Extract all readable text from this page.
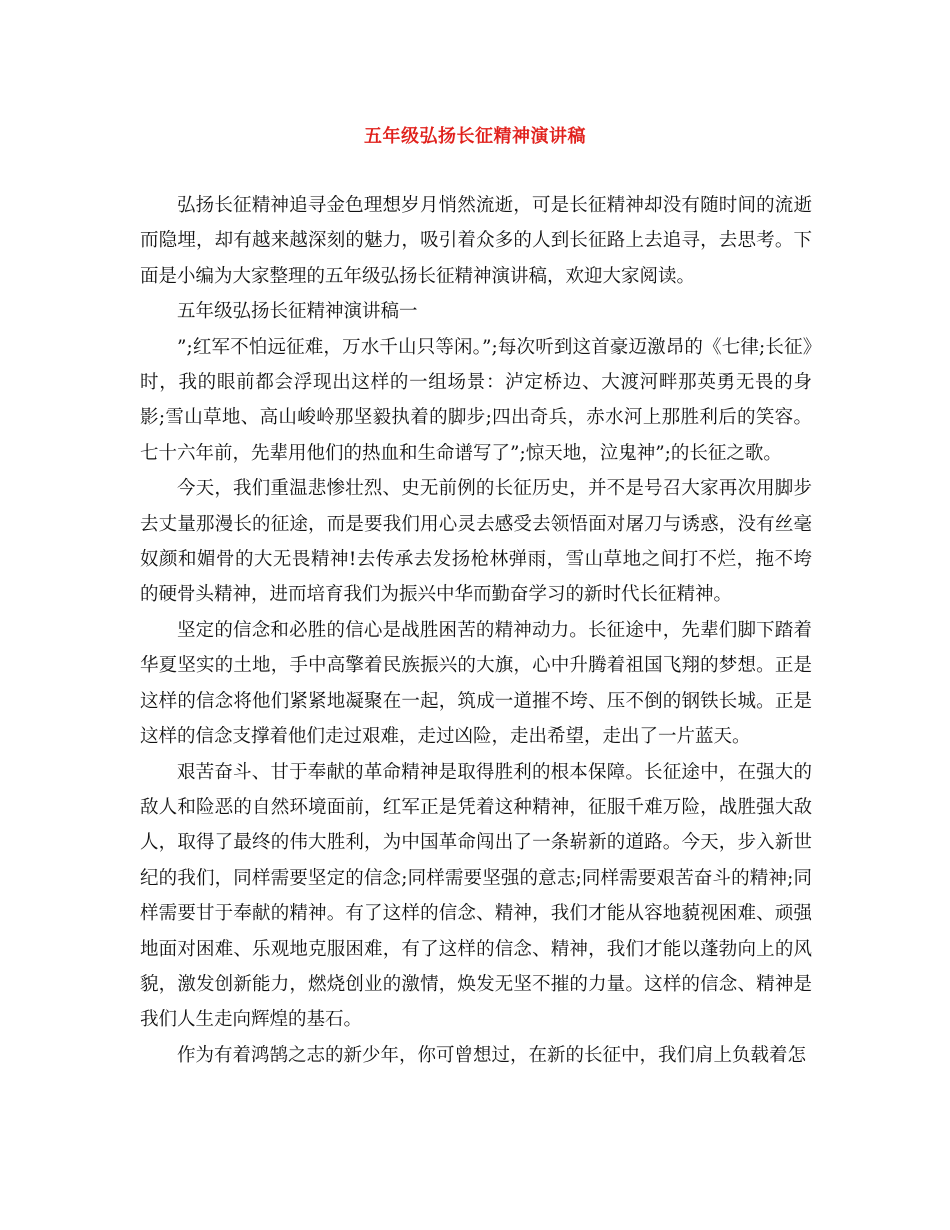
五年级弘扬长征精神演讲稿

弘扬长征精神追寻金色理想岁月悄然流逝，可是长征精神却没有随时间的流逝而隐埋，却有越来越深刻的魅力，吸引着众多的人到长征路上去追寻，去思考。下面是小编为大家整理的五年级弘扬长征精神演讲稿，欢迎大家阅读。

五年级弘扬长征精神演讲稿一

”;红军不怕远征难，万水千山只等闲。”;每次听到这首豪迈激昂的《七律;长征》时，我的眼前都会浮现出这样的一组场景：泸定桥边、大渡河畔那英勇无畏的身影;雪山草地、高山峻岭那坚毅执着的脚步;四出奇兵，赤水河上那胜利后的笑容。七十六年前，先辈用他们的热血和生命谱写了”;惊天地，泣鬼神”;的长征之歌。

今天，我们重温悲惨壮烈、史无前例的长征历史，并不是号召大家再次用脚步去丈量那漫长的征途，而是要我们用心灵去感受去领悟面对屠刀与诱惑，没有丝毫奴颜和媚骨的大无畏精神!去传承去发扬枪林弹雨，雪山草地之间打不烂，拖不垮的硬骨头精神，进而培育我们为振兴中华而勤奋学习的新时代长征精神。

坚定的信念和必胜的信心是战胜困苦的精神动力。长征途中，先辈们脚下踏着华夏坚实的土地，手中高擎着民族振兴的大旗，心中升腾着祖国飞翔的梦想。正是这样的信念将他们紧紧地凝聚在一起，筑成一道摧不垮、压不倒的钢铁长城。正是这样的信念支撑着他们走过艰难，走过凶险，走出希望，走出了一片蓝天。

艰苦奋斗、甘于奉献的革命精神是取得胜利的根本保障。长征途中，在强大的敌人和险恶的自然环境面前，红军正是凭着这种精神，征服千难万险，战胜强大敌人，取得了最终的伟大胜利，为中国革命闯出了一条崭新的道路。今天，步入新世纪的我们，同样需要坚定的信念;同样需要坚强的意志;同样需要艰苦奋斗的精神;同样需要甘于奉献的精神。有了这样的信念、精神，我们才能从容地藐视困难、顽强地面对困难、乐观地克服困难，有了这样的信念、精神，我们才能以蓬勃向上的风貌，激发创新能力，燃烧创业的激情，焕发无坚不摧的力量。这样的信念、精神是我们人生走向辉煌的基石。

作为有着鸿鹄之志的新少年，你可曾想过，在新的长征中，我们肩上负载着怎
